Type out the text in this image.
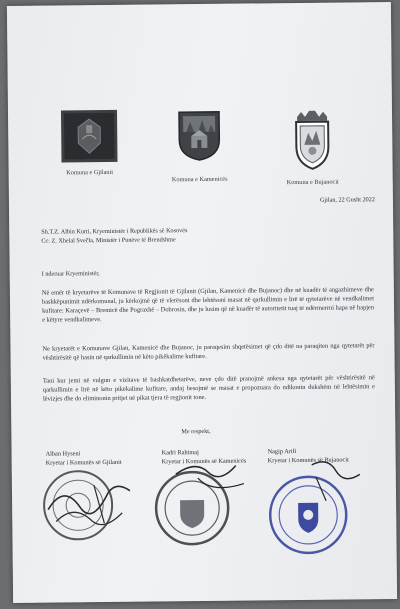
Komuna e Gjilanit
Komuna e Kamenicës	Komuna e Bujanocit
Gjilan, 22 Gusht 2022
Sh.T.Z. Albin Kurti, Kryeministër i Republikës së Kosovës
Cc: Z. Xhelal Svečla, Ministër i Punëve të Brendshme
I nderuar Kryeministër,
Në emër të kryetarëve të Komunave të Regjionit të Gjilanit (Gjilan, Kamenicë dhe Bujanoc) dhe në kuadër të angazhimeve dhe bashkëpunimit ndërkomunal, ju kërkojmë që të vlerësoni dhe lehtësoni masat në qarkullimin e lirë të qytetarëve në vendkalimet kufitare: Karaçevë – Bremicë dhe Pograxhë – Dobrosin, dhe ju lusim që në kuadër të autoritetit tuaj të ndërmerrni hapa në hapjen e këtyre vendkalimeve.
Ne kryetarët e Komunave Gjilan, Kamenicë dhe Bujanoc, ju paraqesim shqetësimet që çdo ditë na paraqiten nga qytetarët për vështirësitë që hasin në qarkullimin në këto pikëkalime kufitare.
Tani kur jemi në vulgun e vizitave të bashkatdhetarëve, neve çdo ditë pranojmë ankesa nga qytetarët për vështirësitë në qarkullimin e lirë në këto pikëkalime kufitare, andaj besojmë se masat e propozuara do ndikonin dukshëm në lehtësimin e lëvizjes dhe do eliminonin pritjet në pikat tjera të regjionit tone.
Me respekt,
Alban Hyseni
Kryetar i Komunës së Gjilanit
Kadri Rahimaj
Kryetar i Komunës së Kamenicës
Nagip Arifi
Kryetar i Komunës së Bujanocit
